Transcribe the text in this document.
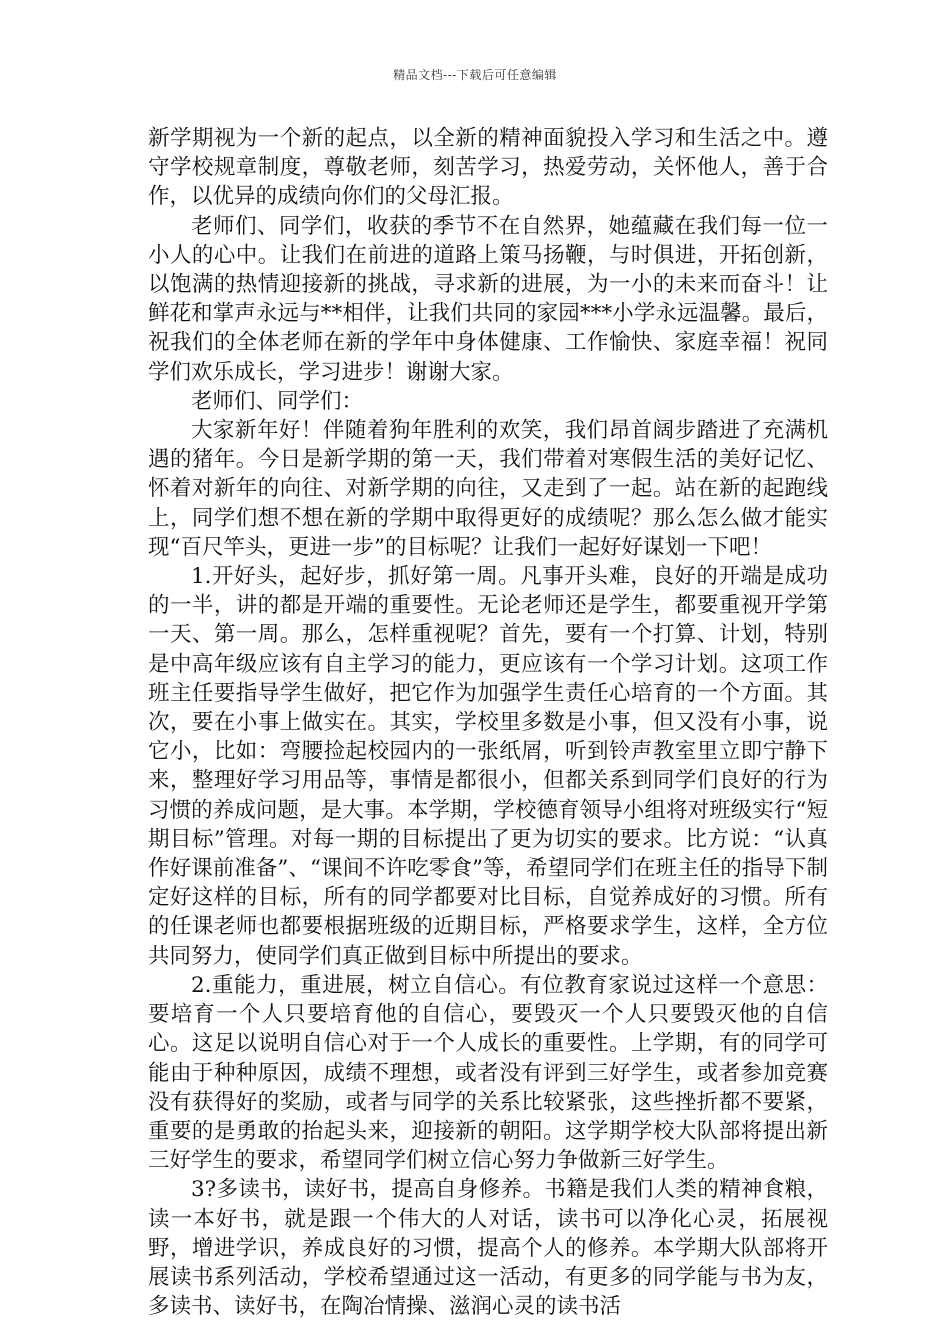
精品文档---下载后可任意编辑

新学期视为一个新的起点，以全新的精神面貌投入学习和生活之中。遵守学校规章制度，尊敬老师，刻苦学习，热爱劳动，关怀他人，善于合作，以优异的成绩向你们的父母汇报。

老师们、同学们，收获的季节不在自然界，她蕴藏在我们每一位一小人的心中。让我们在前进的道路上策马扬鞭，与时俱进，开拓创新，以饱满的热情迎接新的挑战，寻求新的进展，为一小的未来而奋斗！让鲜花和掌声永远与**相伴，让我们共同的家园***小学永远温馨。最后，祝我们的全体老师在新的学年中身体健康、工作愉快、家庭幸福！祝同学们欢乐成长，学习进步！谢谢大家。

老师们、同学们：

大家新年好！伴随着狗年胜利的欢笑，我们昂首阔步踏进了充满机遇的猪年。今日是新学期的第一天，我们带着对寒假生活的美好记忆、怀着对新年的向往、对新学期的向往，又走到了一起。站在新的起跑线上，同学们想不想在新的学期中取得更好的成绩呢？那么怎么做才能实现“百尺竿头，更进一步”的目标呢？让我们一起好好谋划一下吧！

1.开好头，起好步，抓好第一周。凡事开头难，良好的开端是成功的一半，讲的都是开端的重要性。无论老师还是学生，都要重视开学第一天、第一周。那么，怎样重视呢？首先，要有一个打算、计划，特别是中高年级应该有自主学习的能力，更应该有一个学习计划。这项工作班主任要指导学生做好，把它作为加强学生责任心培育的一个方面。其次，要在小事上做实在。其实，学校里多数是小事，但又没有小事，说它小，比如：弯腰捡起校园内的一张纸屑，听到铃声教室里立即宁静下来，整理好学习用品等，事情是都很小，但都关系到同学们良好的行为习惯的养成问题，是大事。本学期，学校德育领导小组将对班级实行“短期目标”管理。对每一期的目标提出了更为切实的要求。比方说：“认真作好课前准备”、“课间不许吃零食”等，希望同学们在班主任的指导下制定好这样的目标，所有的同学都要对比目标，自觉养成好的习惯。所有的任课老师也都要根据班级的近期目标，严格要求学生，这样，全方位共同努力，使同学们真正做到目标中所提出的要求。

2.重能力，重进展，树立自信心。有位教育家说过这样一个意思：要培育一个人只要培育他的自信心，要毁灭一个人只要毁灭他的自信心。这足以说明自信心对于一个人成长的重要性。上学期，有的同学可能由于种种原因，成绩不理想，或者没有评到三好学生，或者参加竞赛没有获得好的奖励，或者与同学的关系比较紧张，这些挫折都不要紧，重要的是勇敢的抬起头来，迎接新的朝阳。这学期学校大队部将提出新三好学生的要求，希望同学们树立信心努力争做新三好学生。

3?多读书，读好书，提高自身修养。书籍是我们人类的精神食粮，读一本好书，就是跟一个伟大的人对话，读书可以净化心灵，拓展视野，增进学识，养成良好的习惯，提高个人的修养。本学期大队部将开展读书系列活动，学校希望通过这一活动，有更多的同学能与书为友，多读书、读好书，在陶冶情操、滋润心灵的读书活
